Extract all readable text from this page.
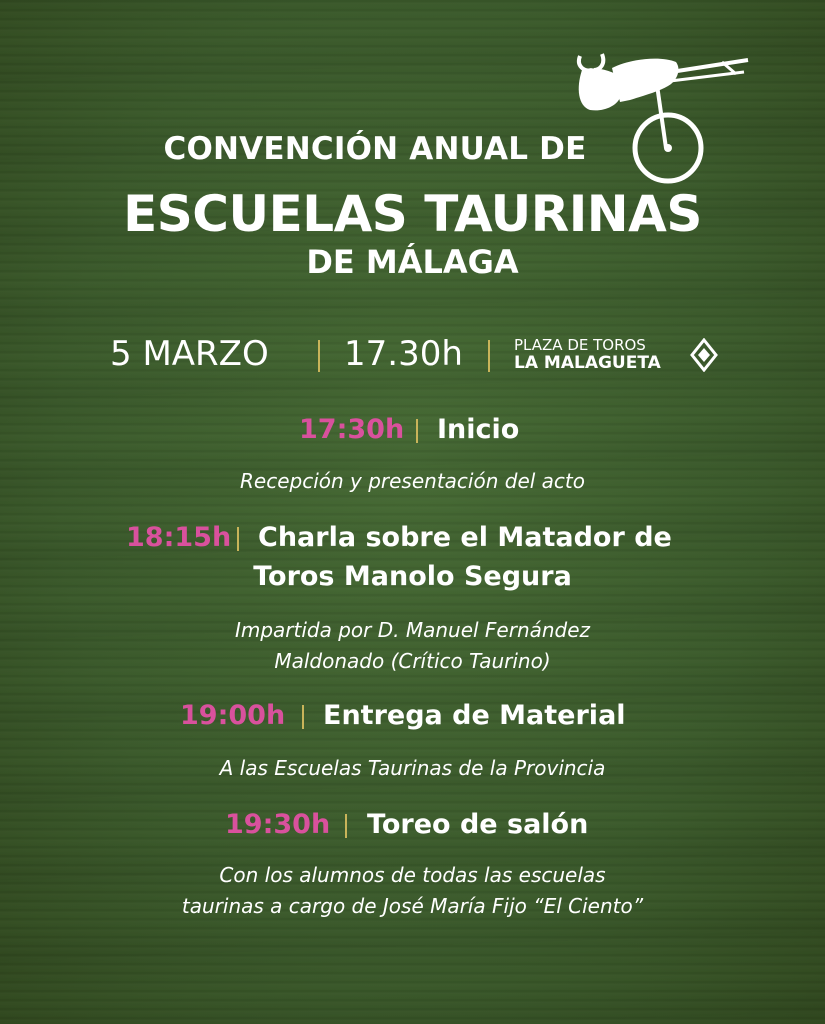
CONVENCIÓN ANUAL DE
ESCUELAS TAURINAS
DE MÁLAGA
5 MARZO 17.30h	PLAZA DE TOROS
LA MALAGUETA
17:30h Inicio
Recepción y presentación del acto
18:15h Charla sobre el Matador de
Toros Manolo Segura
Impartida por D. Manuel Fernández
Maldonado (Crítico Taurino)
19:00h Entrega de Material
A las Escuelas Taurinas de la Provincia
19:30h Toreo de salón
Con los alumnos de todas las escuelas
taurinas a cargo de José María Fijo “El Ciento”
